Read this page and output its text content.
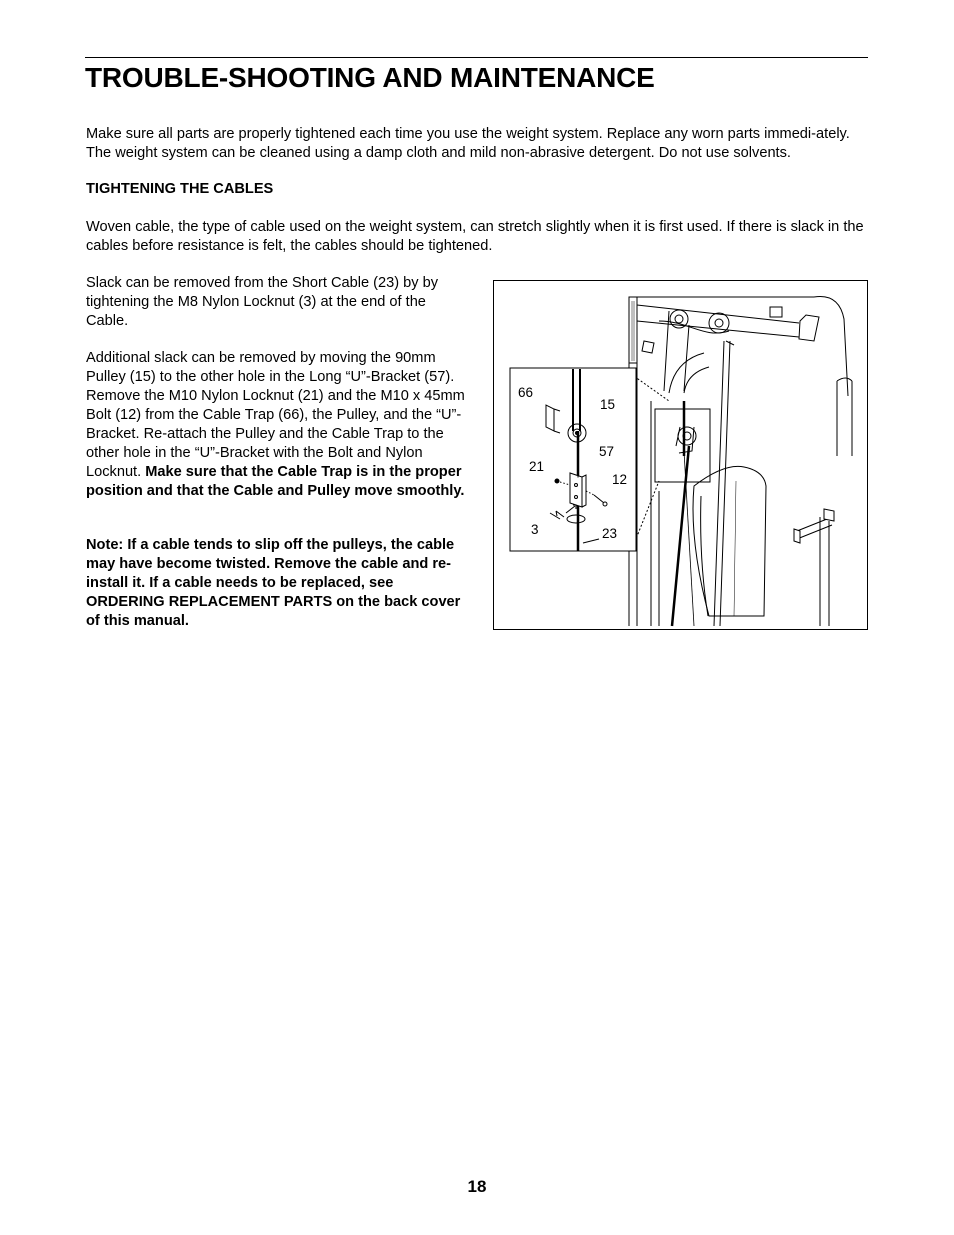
TROUBLE-SHOOTING AND MAINTENANCE

Make sure all parts are properly tightened each time you use the weight system. Replace any worn parts immedi-ately. The weight system can be cleaned using a damp cloth and mild non-abrasive detergent. Do not use solvents.

TIGHTENING THE CABLES

Woven cable, the type of cable used on the weight system, can stretch slightly when it is first used. If there is slack in the cables before resistance is felt, the cables should be tightened.

Slack can be removed from the Short Cable (23) by by tightening the M8 Nylon Locknut (3) at the end of the Cable.

Additional slack can be removed by moving the 90mm Pulley (15) to the other hole in the Long “U”-Bracket (57). Remove the M10 Nylon Locknut (21) and the M10 x 45mm Bolt (12) from the Cable Trap (66), the Pulley, and the “U”-Bracket. Re-attach the Pulley and the Cable Trap to the other hole in the “U”-Bracket with the Bolt and Nylon Locknut. Make sure that the Cable Trap is in the proper position and that the Cable and Pulley move smoothly.

Note: If a cable tends to slip off the pulleys, the cable may have become twisted. Remove the cable and re-install it. If a cable needs to be replaced, see ORDERING REPLACEMENT PARTS on the back cover of this manual.

66
15
57
21
12
3	23
18
